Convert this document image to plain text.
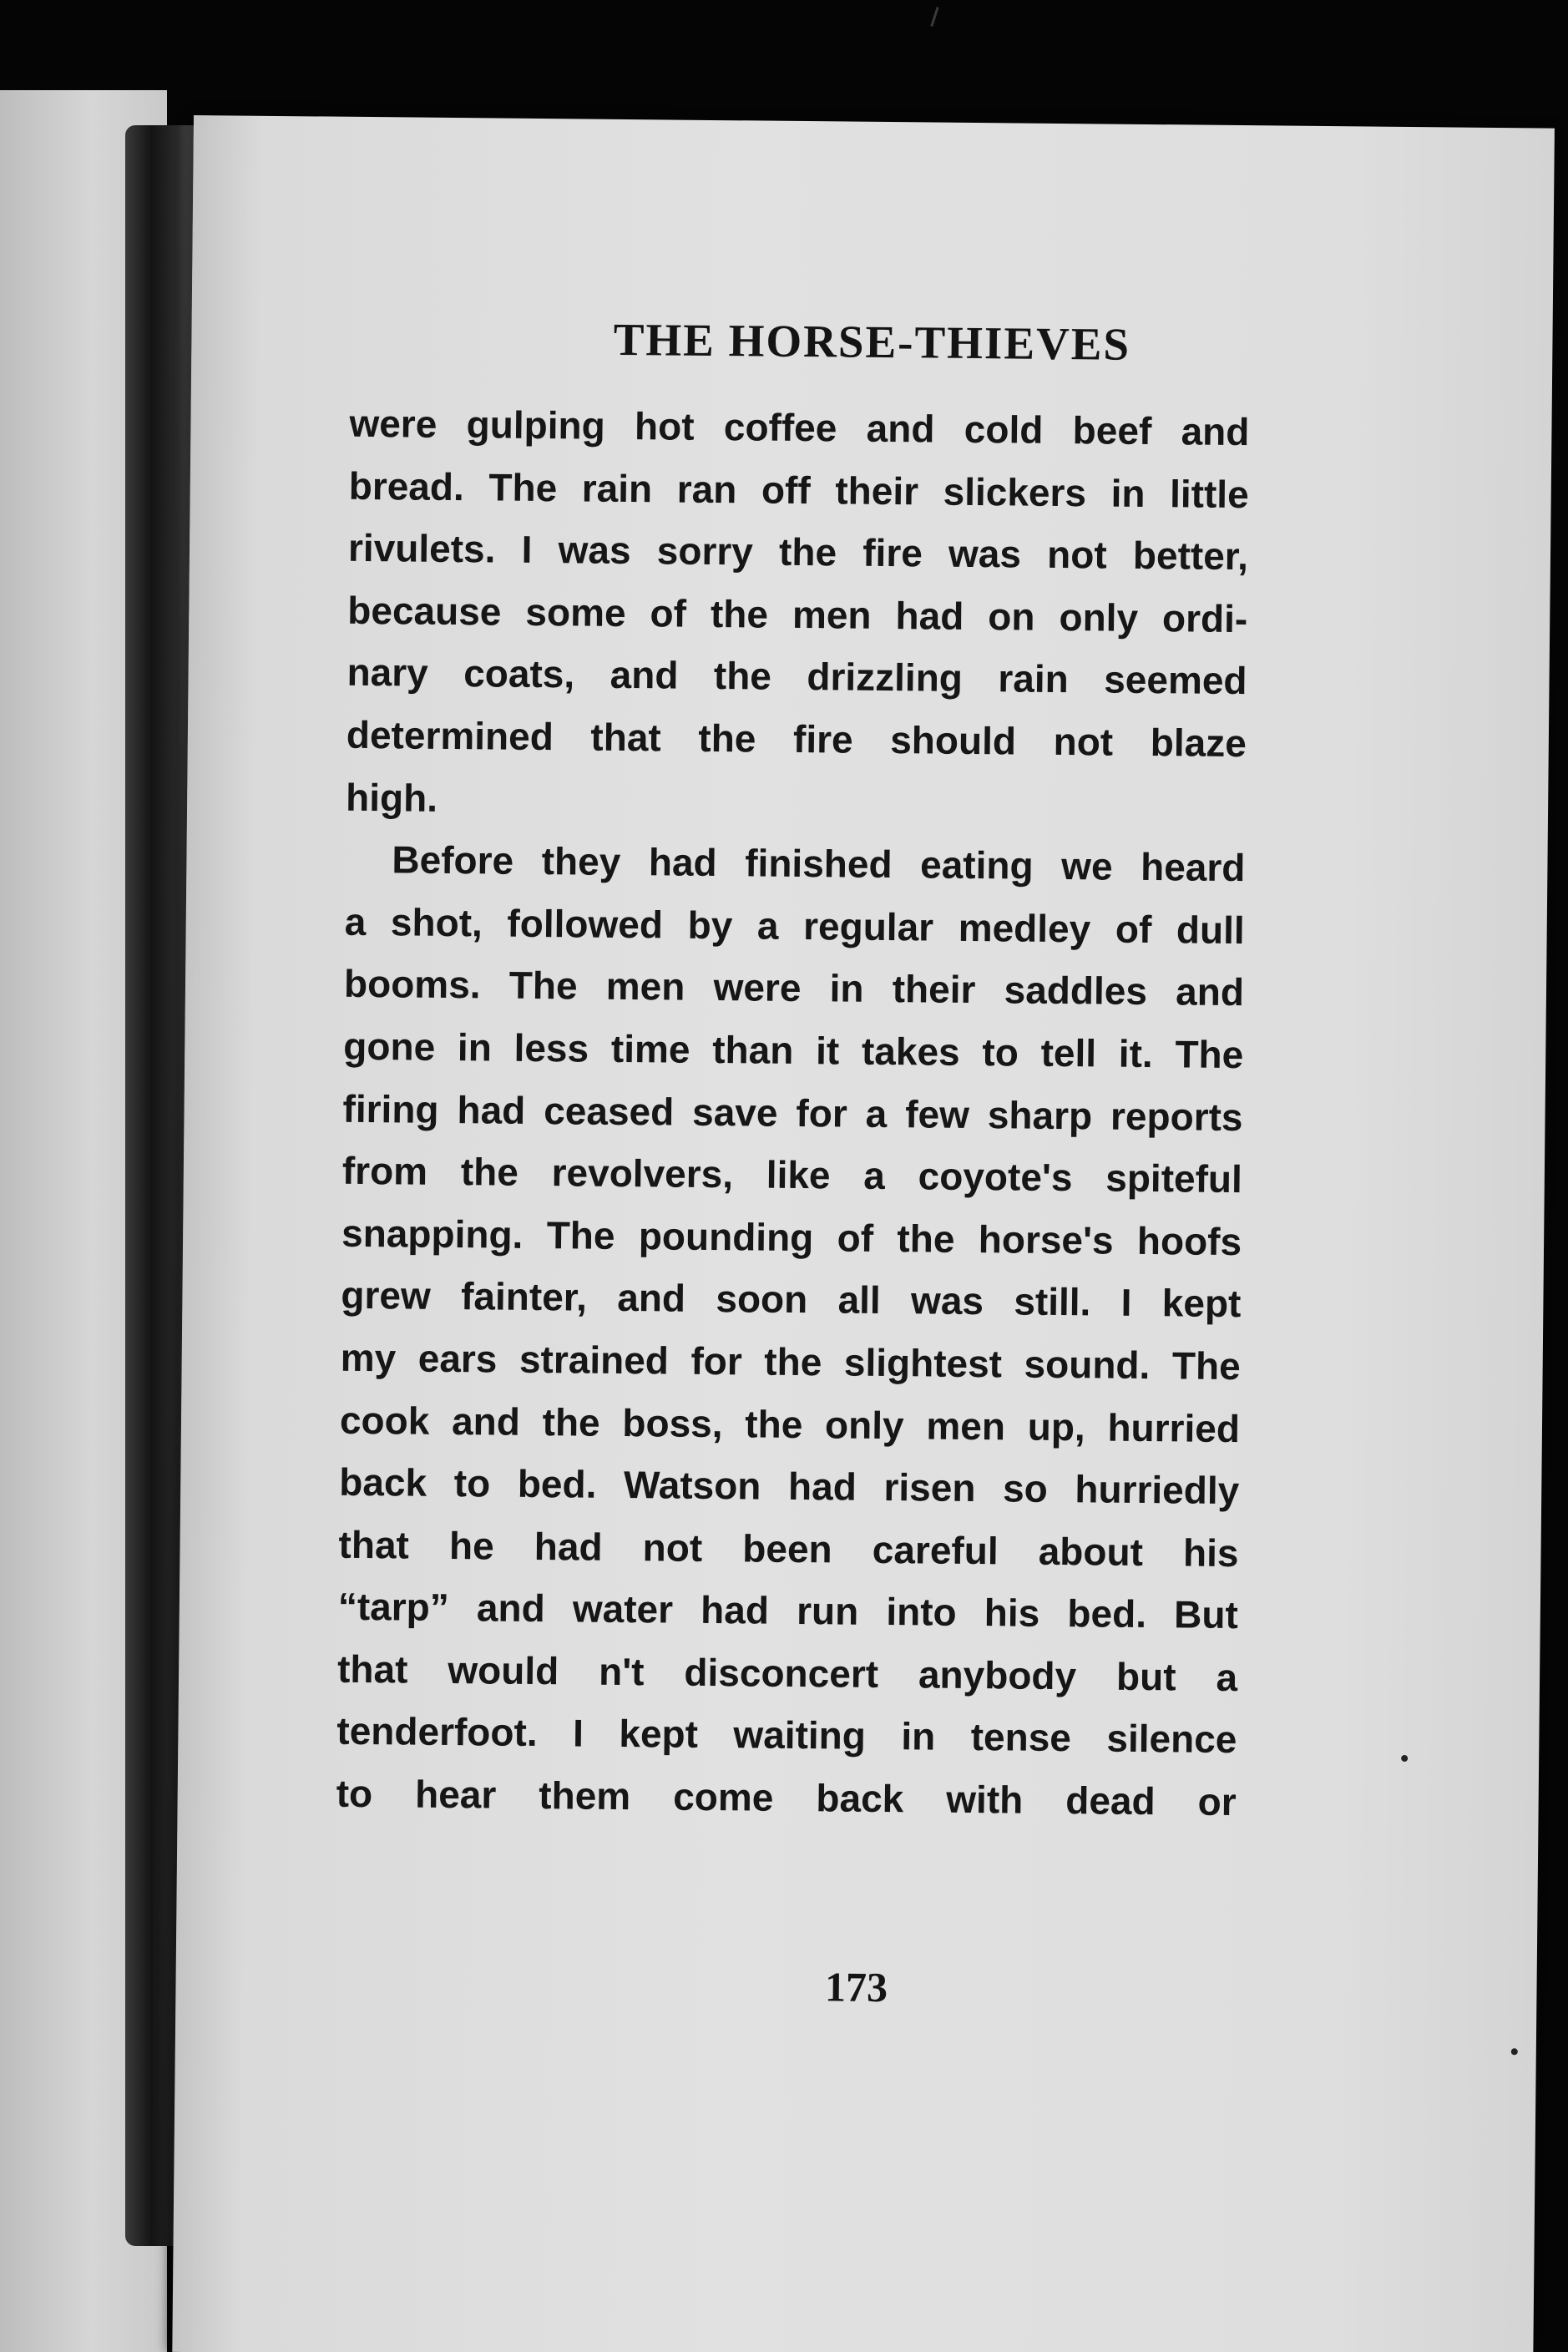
THE HORSE-THIEVES
were gulping hot coffee and cold beef and
bread. The rain ran off their slickers in little
rivulets. I was sorry the fire was not better,
because some of the men had on only ordi-
nary coats, and the drizzling rain seemed
determined that the fire should not blaze
high.
Before they had finished eating we heard
a shot, followed by a regular medley of dull
booms. The men were in their saddles and
gone in less time than it takes to tell it. The
firing had ceased save for a few sharp reports
from the revolvers, like a coyote's spiteful
snapping. The pounding of the horse's hoofs
grew fainter, and soon all was still. I kept
my ears strained for the slightest sound. The
cook and the boss, the only men up, hurried
back to bed. Watson had risen so hurriedly
that he had not been careful about his
“tarp” and water had run into his bed. But
that would n't disconcert anybody but a
tenderfoot. I kept waiting in tense silence
to hear them come back with dead or
173
